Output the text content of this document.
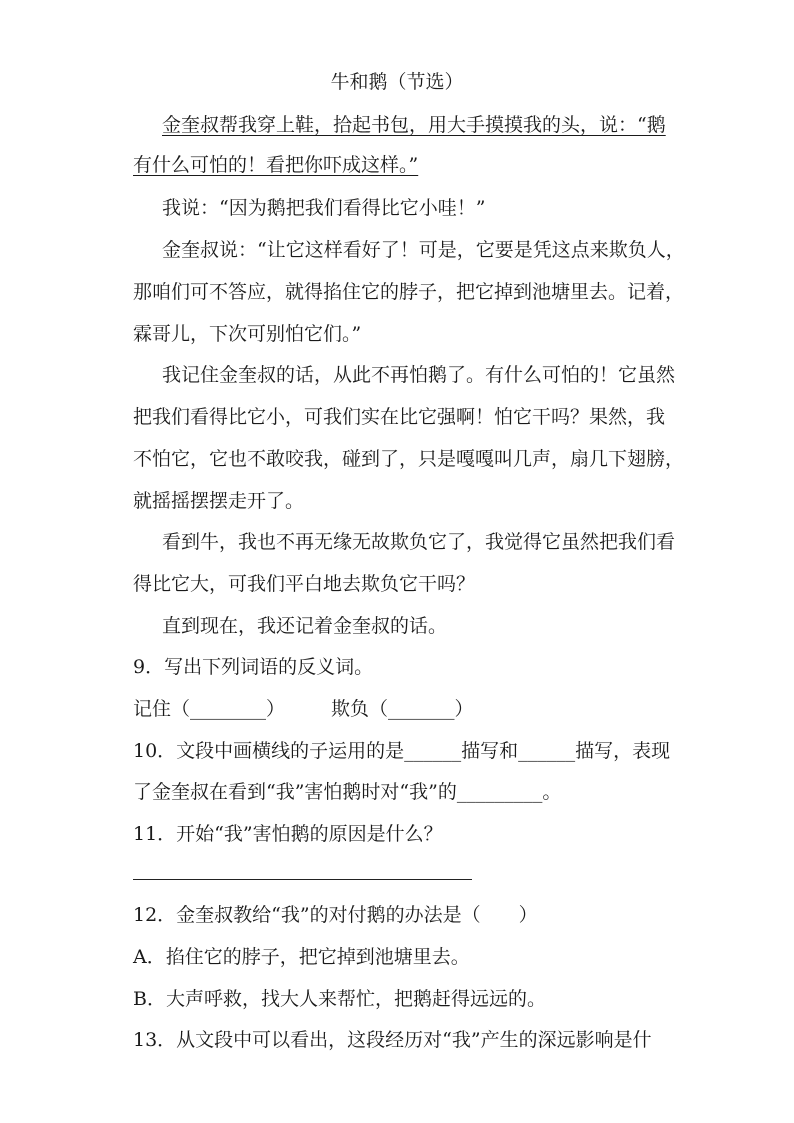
牛和鹅（节选）
金奎叔帮我穿上鞋，拾起书包，用大手摸摸我的头，说：“鹅
有什么可怕的！看把你吓成这样。”
我说：“因为鹅把我们看得比它小哇！”
金奎叔说：“让它这样看好了！可是，它要是凭这点来欺负人，
那咱们可不答应，就得掐住它的脖子，把它掉到池塘里去。记着，
霖哥儿，下次可别怕它们。”
我记住金奎叔的话，从此不再怕鹅了。有什么可怕的！它虽然
把我们看得比它小，可我们实在比它强啊！怕它干吗？果然，我
不怕它，它也不敢咬我，碰到了，只是嘎嘎叫几声，扇几下翅膀，
就摇摇摆摆走开了。
看到牛，我也不再无缘无故欺负它了，我觉得它虽然把我们看
得比它大，可我们平白地去欺负它干吗？
直到现在，我还记着金奎叔的话。
9．写出下列词语的反义词。
记住（________） 欺负（_______）
10．文段中画横线的子运用的是______描写和______描写，表现
了金奎叔在看到“我”害怕鹅时对“我”的_________。
11．开始“我”害怕鹅的原因是什么？
12．金奎叔教给“我”的对付鹅的办法是（　　）
A．掐住它的脖子，把它掉到池塘里去。
B．大声呼救，找大人来帮忙，把鹅赶得远远的。
13．从文段中可以看出，这段经历对“我”产生的深远影响是什
